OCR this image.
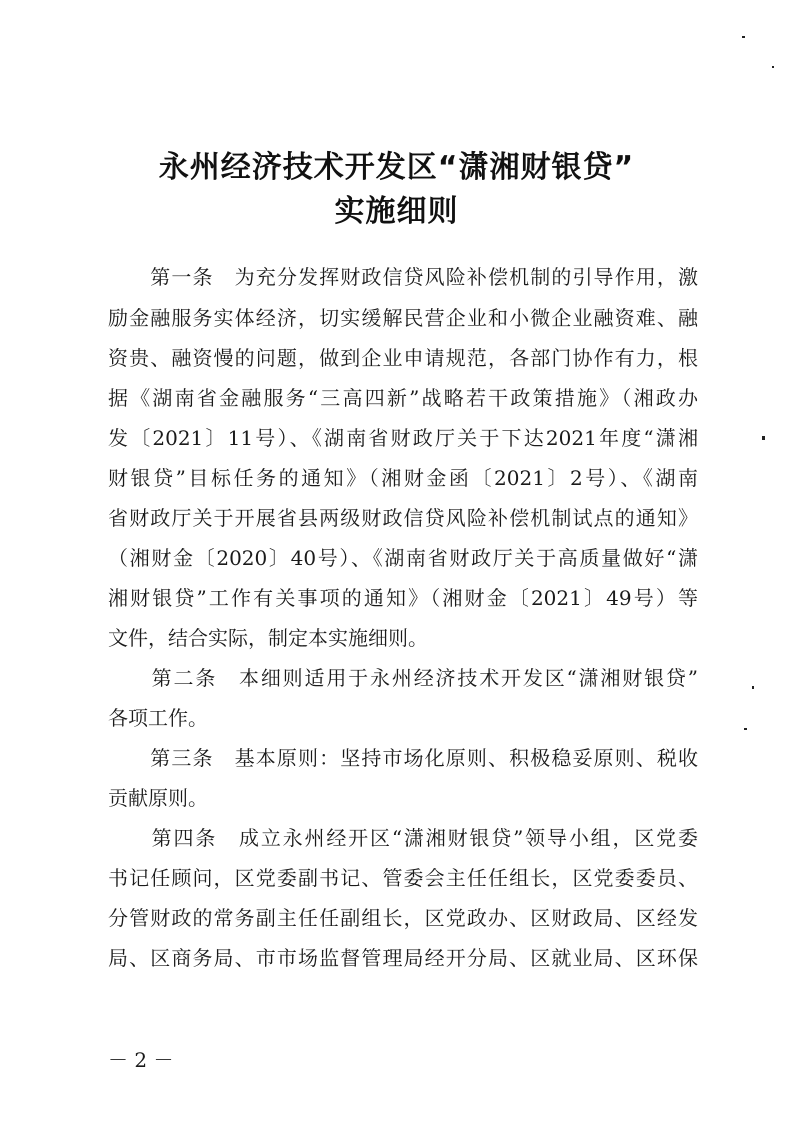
永州经济技术开发区“潇湘财银贷”
实施细则
　　第一条　为充分发挥财政信贷风险补偿机制的引导作用，激
励金融服务实体经济，切实缓解民营企业和小微企业融资难、融
资贵、融资慢的问题，做到企业申请规范，各部门协作有力，根
据《湖南省金融服务“三高四新”战略若干政策措施》（湘政办
发〔2021〕11号）、《湖南省财政厅关于下达2021年度“潇湘
财银贷”目标任务的通知》（湘财金函〔2021〕2号）、《湖南
省财政厅关于开展省县两级财政信贷风险补偿机制试点的通知》
（湘财金〔2020〕40号）、《湖南省财政厅关于高质量做好“潇
湘财银贷”工作有关事项的通知》（湘财金〔2021〕49号）等
文件，结合实际，制定本实施细则。
　　第二条　本细则适用于永州经济技术开发区“潇湘财银贷”
各项工作。
　　第三条　基本原则：坚持市场化原则、积极稳妥原则、税收
贡献原则。
　　第四条　成立永州经开区“潇湘财银贷”领导小组，区党委
书记任顾问，区党委副书记、管委会主任任组长，区党委委员、
分管财政的常务副主任任副组长，区党政办、区财政局、区经发
局、区商务局、市市场监督管理局经开分局、区就业局、区环保
－ 2 －
